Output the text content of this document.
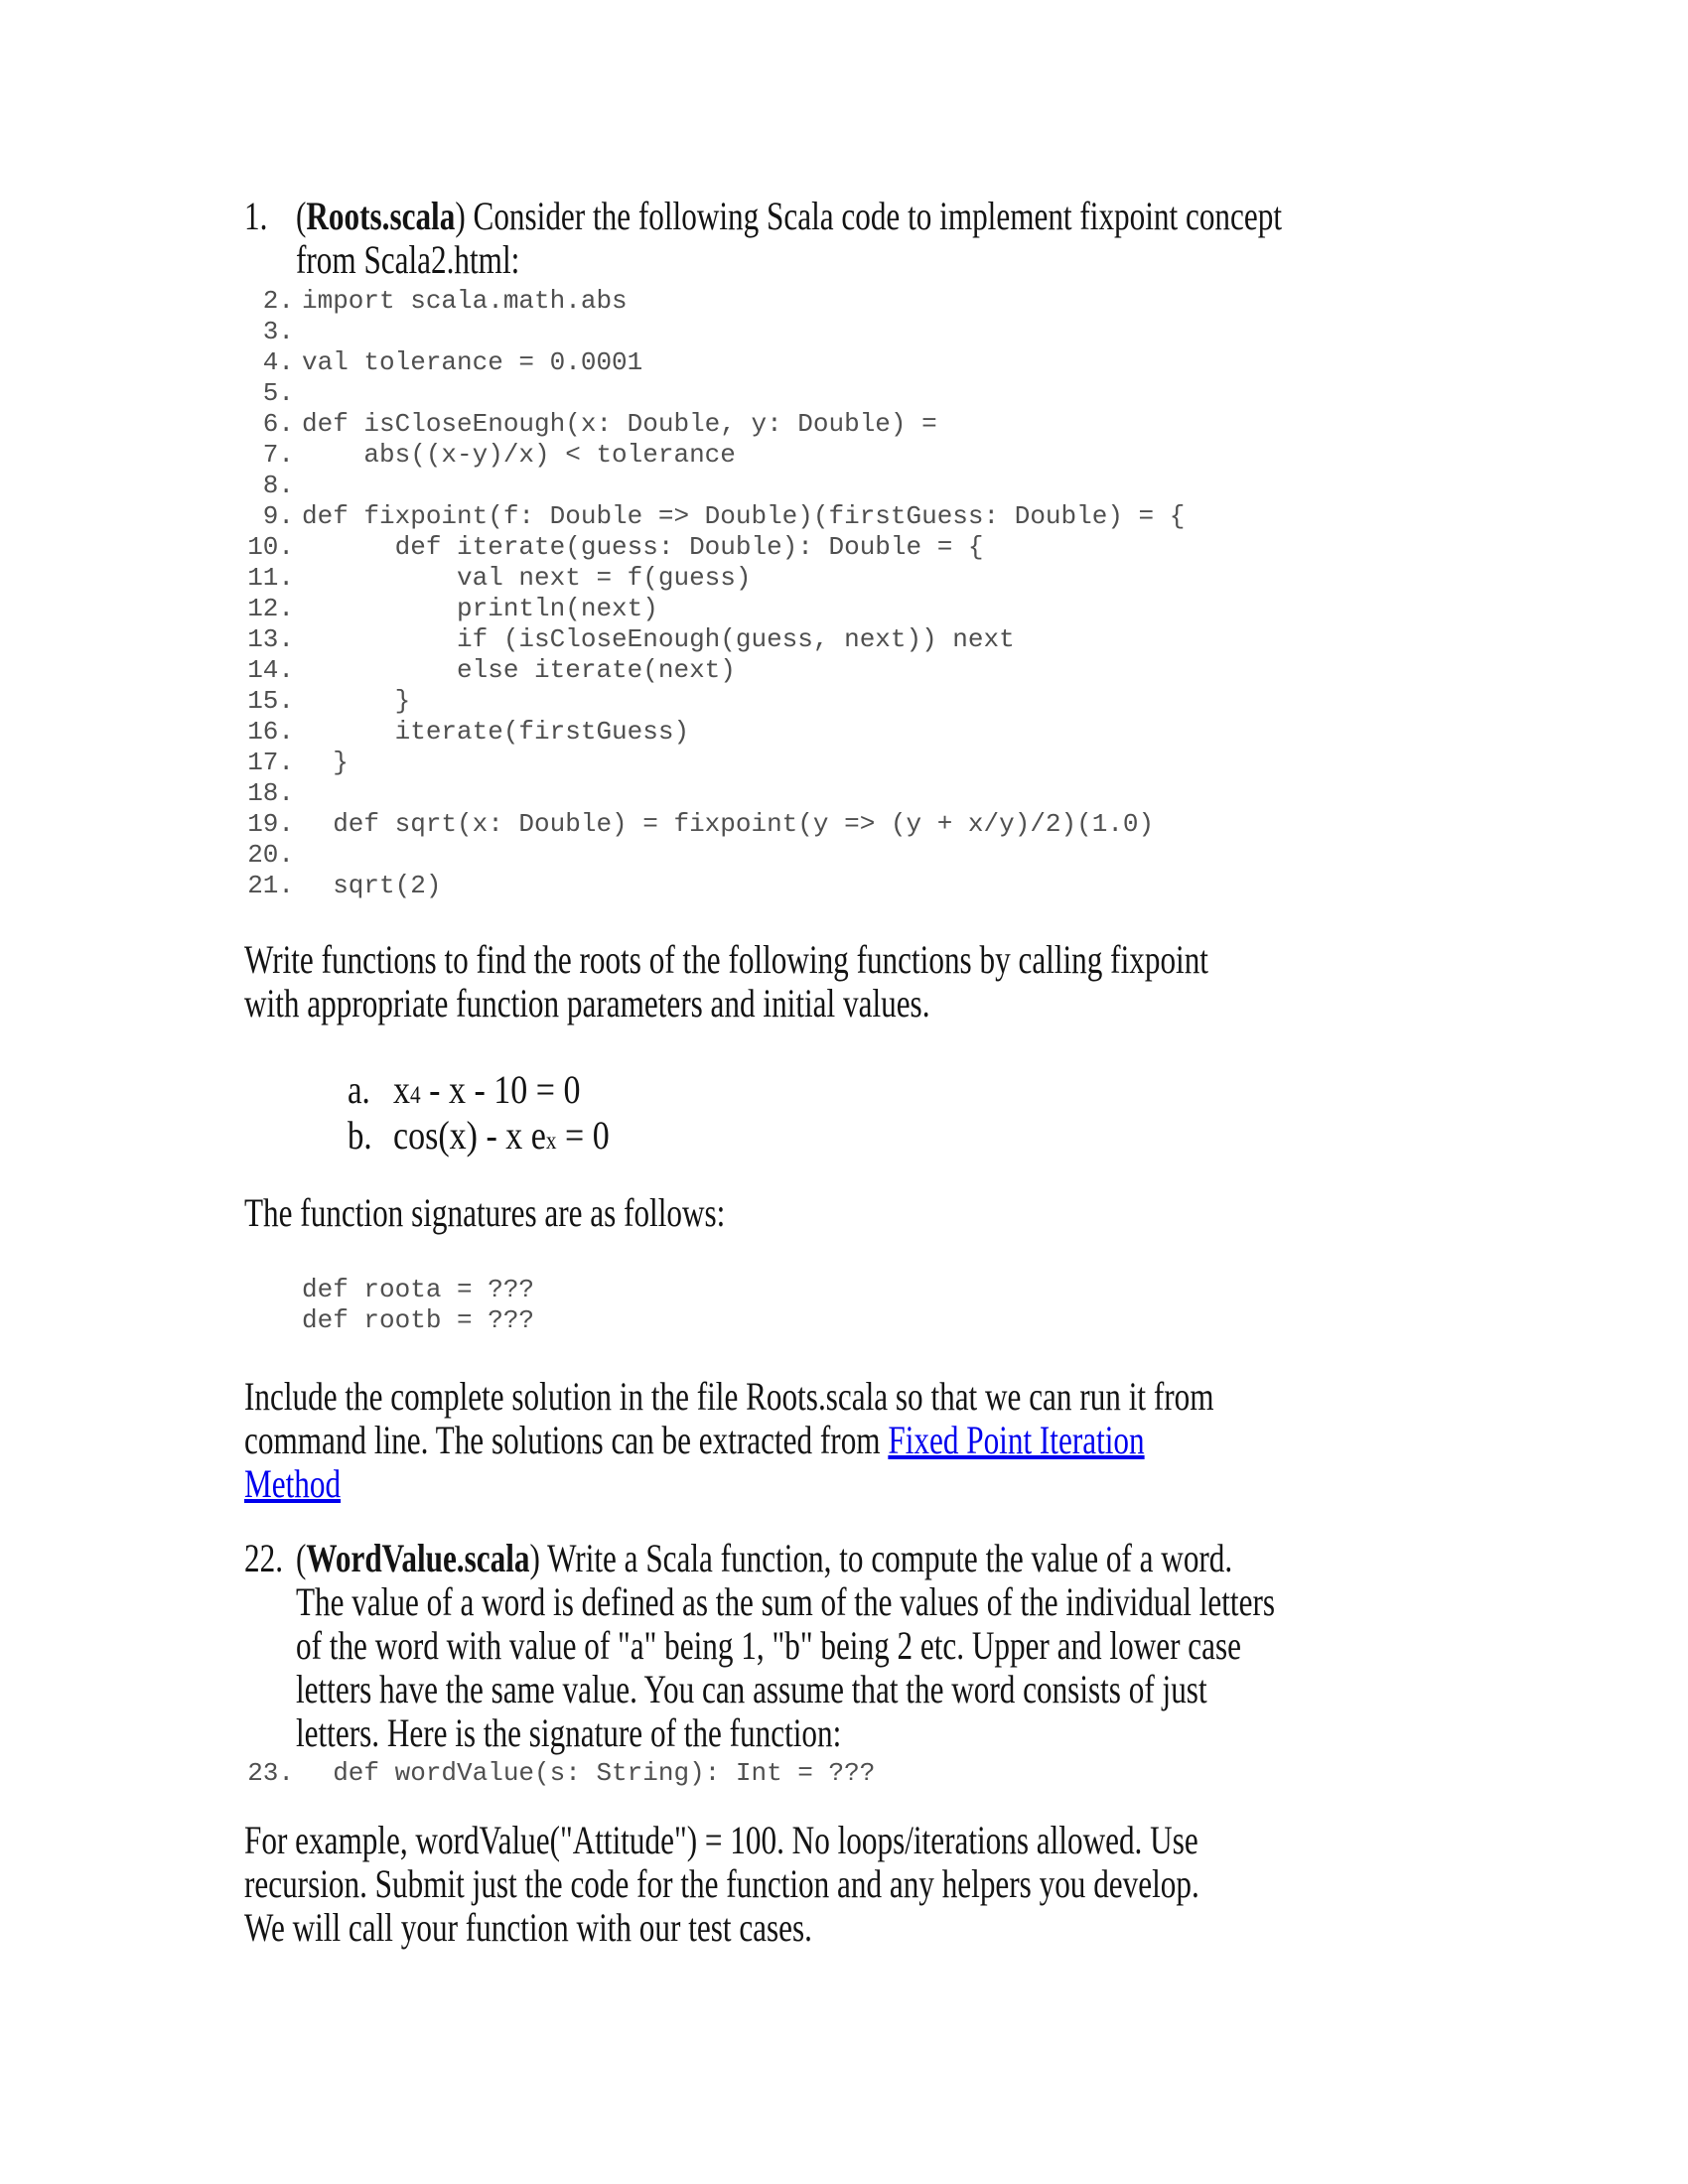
1. (Roots.scala) Consider the following Scala code to implement fixpoint concept
from Scala2.html:
2. import scala.math.abs
3.
4. val tolerance = 0.0001
5.
6. def isCloseEnough(x: Double, y: Double) =
7. abs((x-y)/x) < tolerance
8.
9. def fixpoint(f: Double => Double)(firstGuess: Double) = {
10. def iterate(guess: Double): Double = {
11. val next = f(guess)
12. println(next)
13. if (isCloseEnough(guess, next)) next
14. else iterate(next)
15. }
16. iterate(firstGuess)
17. }
18.
19. def sqrt(x: Double) = fixpoint(y => (y + x/y)/2)(1.0)
20.
21. sqrt(2)
Write functions to find the roots of the following functions by calling fixpoint
with appropriate function parameters and initial values.
a. x4 - x - 10 = 0
b. cos(x) - x ex = 0
The function signatures are as follows:
def roota = ???
def rootb = ???
Include the complete solution in the file Roots.scala so that we can run it from
command line. The solutions can be extracted from Fixed Point Iteration
Method
22. (WordValue.scala) Write a Scala function, to compute the value of a word.
The value of a word is defined as the sum of the values of the individual letters
of the word with value of "a" being 1, "b" being 2 etc. Upper and lower case
letters have the same value. You can assume that the word consists of just
letters. Here is the signature of the function:
23. def wordValue(s: String): Int = ???
For example, wordValue("Attitude") = 100. No loops/iterations allowed. Use
recursion. Submit just the code for the function and any helpers you develop.
We will call your function with our test cases.
